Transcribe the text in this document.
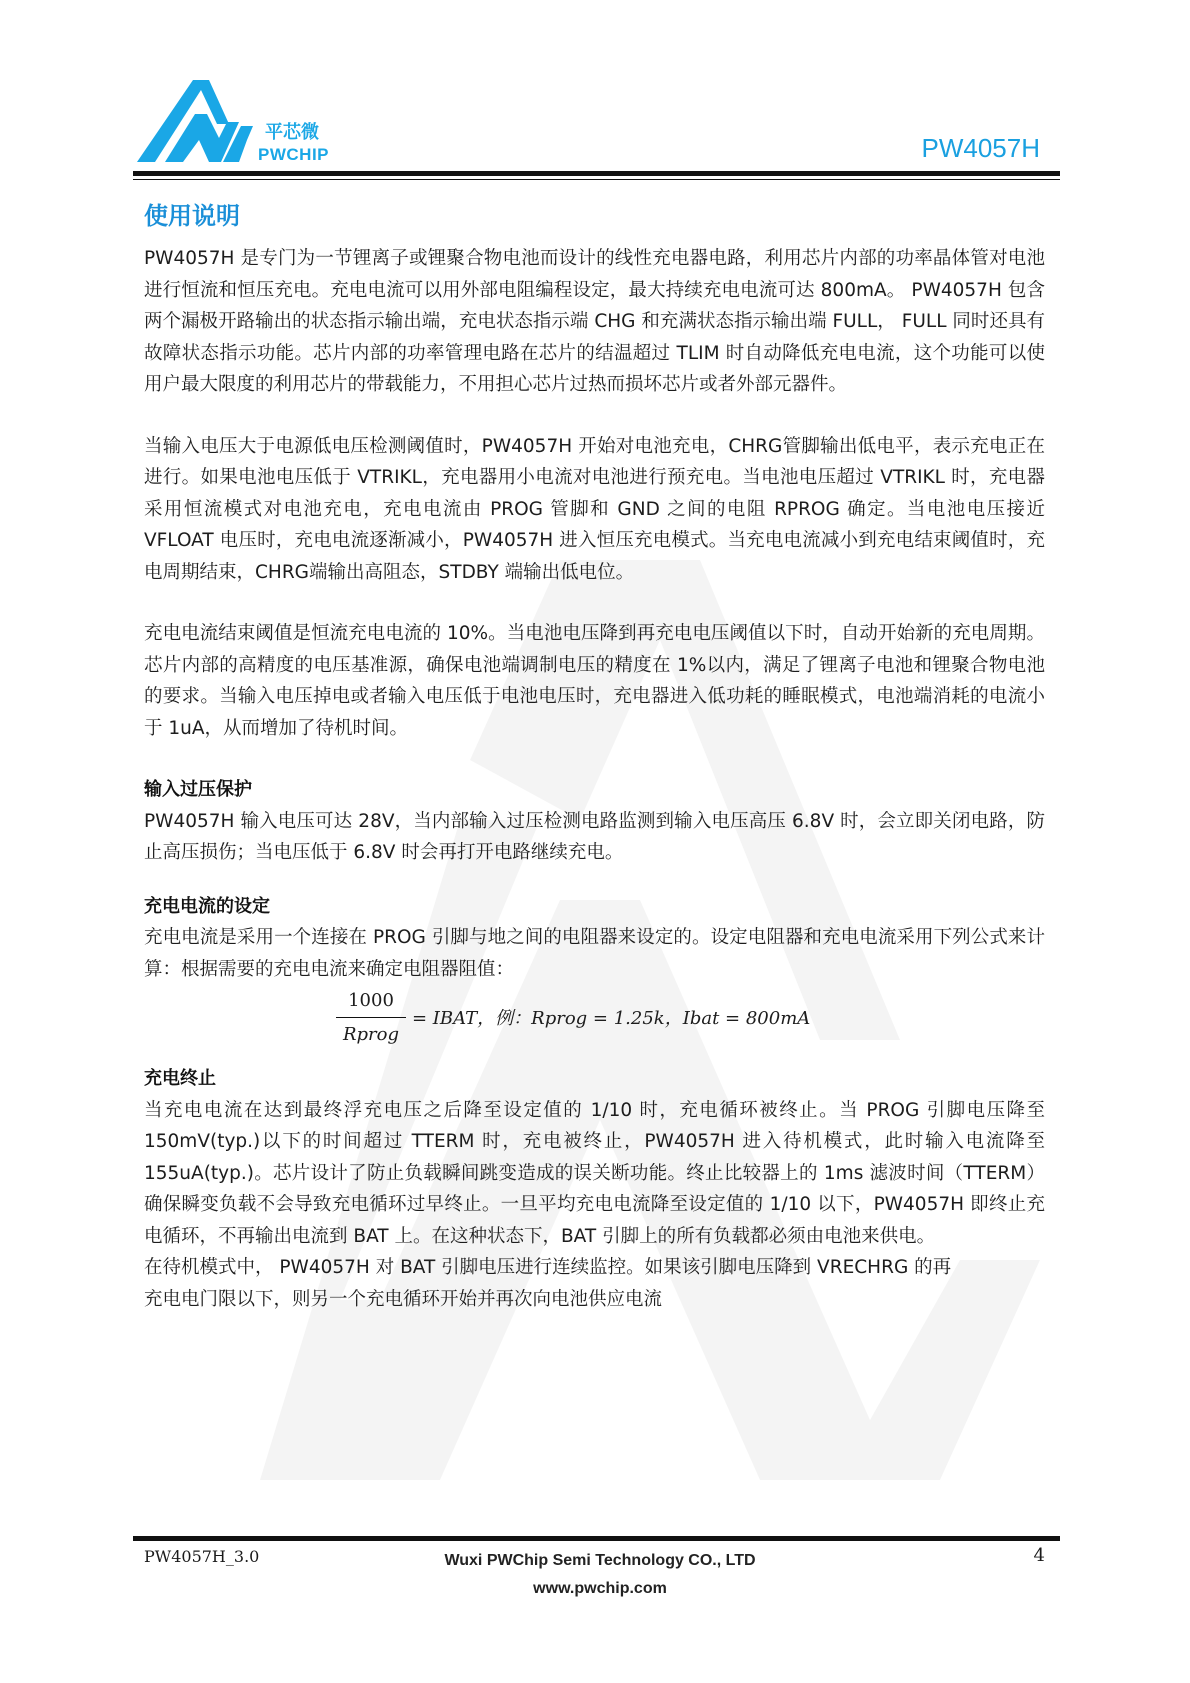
平芯微
PWCHIP	PW4057H
使用说明

PW4057H 是专门为一节锂离子或锂聚合物电池而设计的线性充电器电路，利用芯片内部的功率晶体管对电池进行恒流和恒压充电。充电电流可以用外部电阻编程设定，最大持续充电电流可达 800mA。 PW4057H 包含两个漏极开路输出的状态指示输出端，充电状态指示端 CHG 和充满状态指示输出端 FULL， FULL 同时还具有故障状态指示功能。芯片内部的功率管理电路在芯片的结温超过 TLIM 时自动降低充电电流，这个功能可以使用户最大限度的利用芯片的带载能力，不用担心芯片过热而损坏芯片或者外部元器件。

当输入电压大于电源低电压检测阈值时，PW4057H 开始对电池充电，CHRG管脚输出低电平，表示充电正在进行。如果电池电压低于 VTRIKL，充电器用小电流对电池进行预充电。当电池电压超过 VTRIKL 时，充电器采用恒流模式对电池充电，充电电流由 PROG 管脚和 GND 之间的电阻 RPROG 确定。当电池电压接近 VFLOAT 电压时，充电电流逐渐减小，PW4057H 进入恒压充电模式。当充电电流减小到充电结束阈值时，充电周期结束，CHRG端输出高阻态，STDBY 端输出低电位。

充电电流结束阈值是恒流充电电流的 10%。当电池电压降到再充电电压阈值以下时，自动开始新的充电周期。芯片内部的高精度的电压基准源，确保电池端调制电压的精度在 1%以内，满足了锂离子电池和锂聚合物电池的要求。当输入电压掉电或者输入电压低于电池电压时，充电器进入低功耗的睡眠模式，电池端消耗的电流小于 1uA，从而增加了待机时间。

输入过压保护

PW4057H 输入电压可达 28V，当内部输入过压检测电路监测到输入电压高压 6.8V 时，会立即关闭电路，防止高压损伤；当电压低于 6.8V 时会再打开电路继续充电。

充电电流的设定

充电电流是采用一个连接在 PROG 引脚与地之间的电阻器来设定的。设定电阻器和充电电流采用下列公式来计算：根据需要的充电电流来确定电阻器阻值：

1000
Rprog
= IBAT，例：Rprog = 1.25k，Ibat = 800mA

充电终止

当充电电流在达到最终浮充电压之后降至设定值的 1/10 时，充电循环被终止。当 PROG 引脚电压降至 150mV(typ.)以下的时间超过 TTERM 时，充电被终止，PW4057H 进入待机模式，此时输入电流降至 155uA(typ.)。芯片设计了防止负载瞬间跳变造成的误关断功能。终止比较器上的 1ms 滤波时间（TTERM）确保瞬变负载不会导致充电循环过早终止。一旦平均充电电流降至设定值的 1/10 以下，PW4057H 即终止充电循环，不再输出电流到 BAT 上。在这种状态下，BAT 引脚上的所有负载都必须由电池来供电。

在待机模式中， PW4057H 对 BAT 引脚电压进行连续监控。如果该引脚电压降到 VRECHRG 的再

充电电门限以下，则另一个充电循环开始并再次向电池供应电流

PW4057H_3.0	Wuxi PWChip Semi Technology CO., LTD
www.pwchip.com
4
